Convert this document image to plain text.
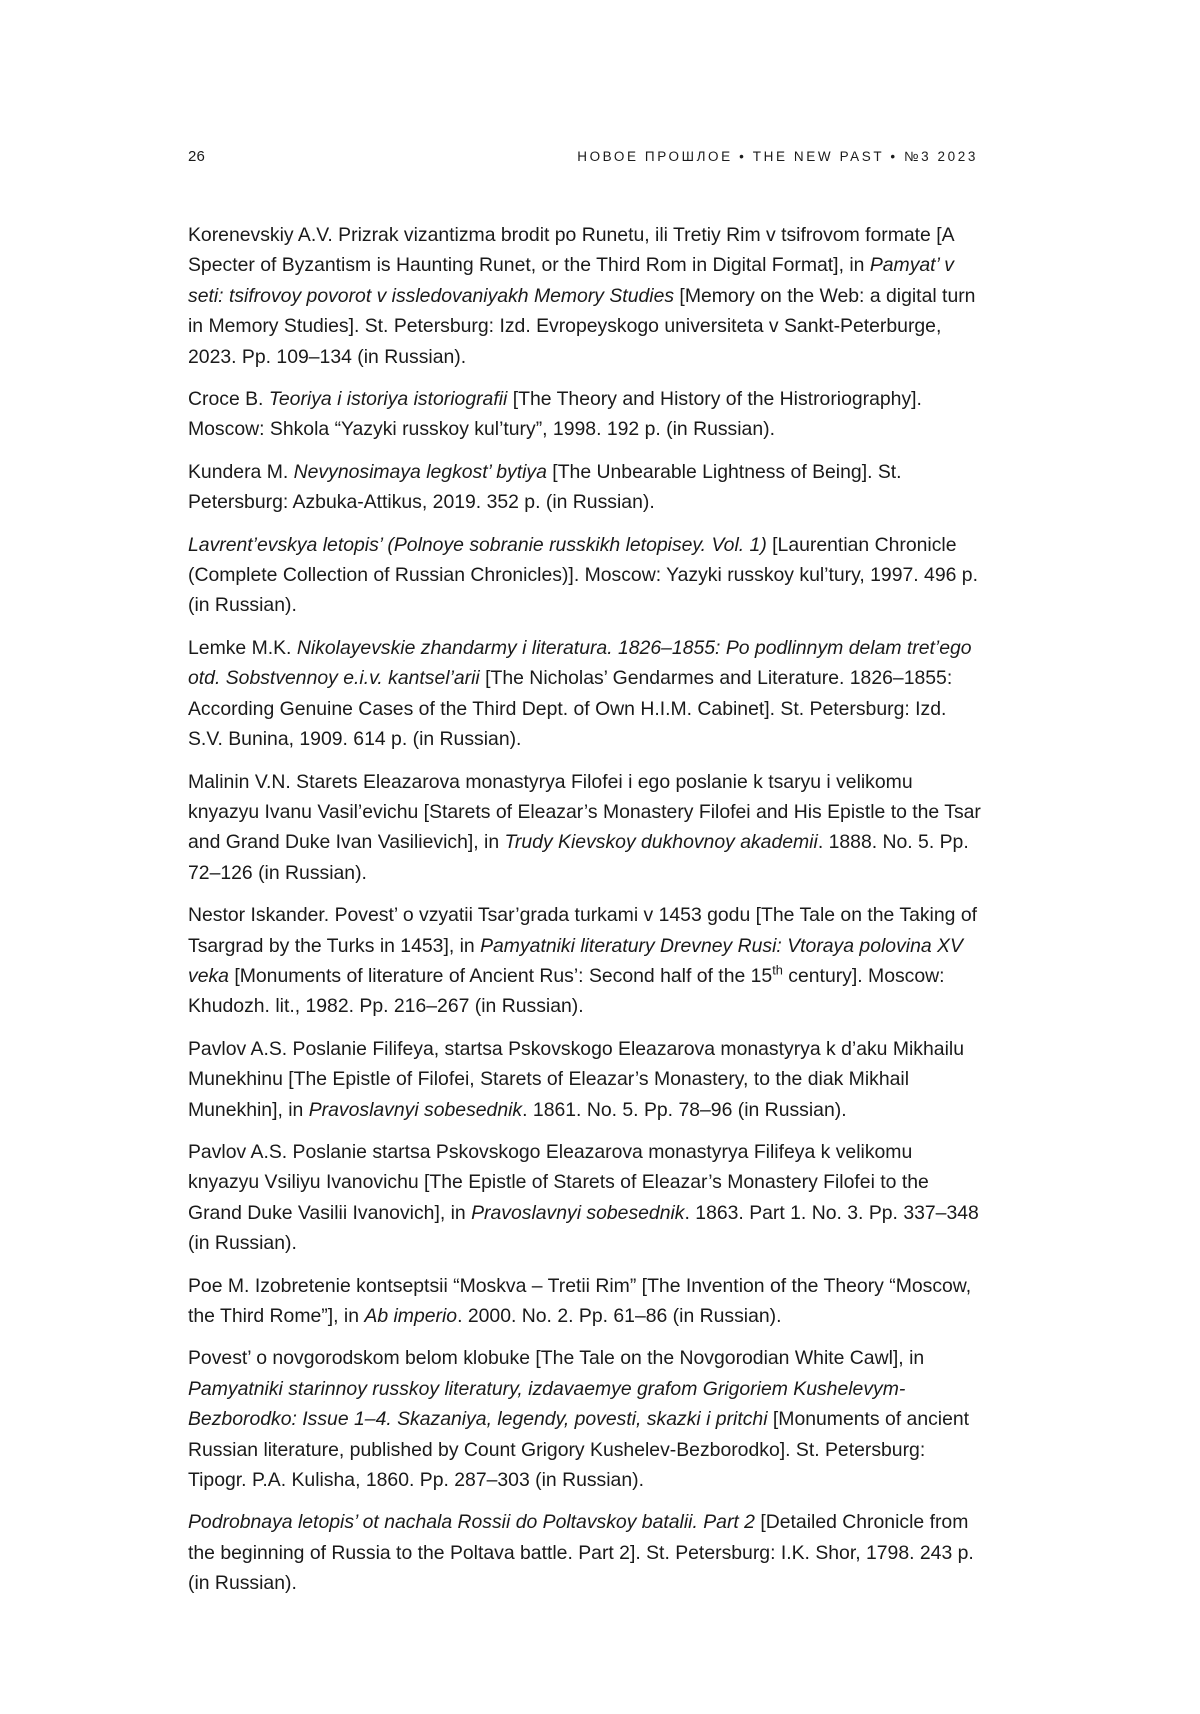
26	НОВОЕ ПРОШЛОЕ • THE NEW PAST • №3 2023

Korenevskiy A.V. Prizrak vizantizma brodit po Runetu, ili Tretiy Rim v tsifrovom formate [A Specter of Byzantism is Haunting Runet, or the Third Rom in Digital Format], in Pamyat’ v seti: tsifrovoy povorot v issledovaniyakh Memory Studies [Memory on the Web: a digital turn in Memory Studies]. St. Petersburg: Izd. Evropeyskogo universiteta v Sankt-Peterburge, 2023. Pp. 109–134 (in Russian).

Croce B. Teoriya i istoriya istoriografii [The Theory and History of the Histroriography]. Moscow: Shkola “Yazyki russkoy kul’tury”, 1998. 192 p. (in Russian).

Kundera M. Nevynosimaya legkost’ bytiya [The Unbearable Lightness of Being]. St. Petersburg: Azbuka-Attikus, 2019. 352 p. (in Russian).

Lavrent’evskya letopis’ (Polnoye sobranie russkikh letopisey. Vol. 1) [Laurentian Chronicle (Complete Collection of Russian Chronicles)]. Moscow: Yazyki russkoy kul’tury, 1997. 496 p. (in Russian).

Lemke M.K. Nikolayevskie zhandarmy i literatura. 1826–1855: Po podlinnym delam tret’ego otd. Sobstvennoy e.i.v. kantsel’arii [The Nicholas’ Gendarmes and Literature. 1826–1855: According Genuine Cases of the Third Dept. of Own H.I.M. Cabinet]. St. Petersburg: Izd. S.V. Bunina, 1909. 614 p. (in Russian).

Malinin V.N. Starets Eleazarova monastyrya Filofei i ego poslanie k tsaryu i velikomu knyazyu Ivanu Vasil’evichu [Starets of Eleazar’s Monastery Filofei and His Epistle to the Tsar and Grand Duke Ivan Vasilievich], in Trudy Kievskoy dukhovnoy akademii. 1888. No. 5. Pp. 72–126 (in Russian).

Nestor Iskander. Povest’ o vzyatii Tsar’grada turkami v 1453 godu [The Tale on the Taking of Tsargrad by the Turks in 1453], in Pamyatniki literatury Drevney Rusi: Vtoraya polovina XV veka [Monuments of literature of Ancient Rus’: Second half of the 15th century]. Moscow: Khudozh. lit., 1982. Pp. 216–267 (in Russian).

Pavlov A.S. Poslanie Filifeya, startsa Pskovskogo Eleazarova monastyrya k d’aku Mikhailu Munekhinu [The Epistle of Filofei, Starets of Eleazar’s Monastery, to the diak Mikhail Munekhin], in Pravoslavnyi sobesednik. 1861. No. 5. Pp. 78–96 (in Russian).

Pavlov A.S. Poslanie startsa Pskovskogo Eleazarova monastyrya Filifeya k velikomu knyazyu Vsiliyu Ivanovichu [The Epistle of Starets of Eleazar’s Monastery Filofei to the Grand Duke Vasilii Ivanovich], in Pravoslavnyi sobesednik. 1863. Part 1. No. 3. Pp. 337–348 (in Russian).

Poe M. Izobretenie kontseptsii “Moskva – Tretii Rim” [The Invention of the Theory “Moscow, the Third Rome”], in Ab imperio. 2000. No. 2. Pp. 61–86 (in Russian).

Povest’ o novgorodskom belom klobuke [The Tale on the Novgorodian White Cawl], in Pamyatniki starinnoy russkoy literatury, izdavaemye grafom Grigoriem Kushelevym-Bezborodko: Issue 1–4. Skazaniya, legendy, povesti, skazki i pritchi [Monuments of ancient Russian literature, published by Count Grigory Kushelev-Bezborodko]. St. Petersburg: Tipogr. P.A. Kulisha, 1860. Pp. 287–303 (in Russian).

Podrobnaya letopis’ ot nachala Rossii do Poltavskoy batalii. Part 2 [Detailed Chronicle from the beginning of Russia to the Poltava battle. Part 2]. St. Petersburg: I.K. Shor, 1798. 243 p. (in Russian).
